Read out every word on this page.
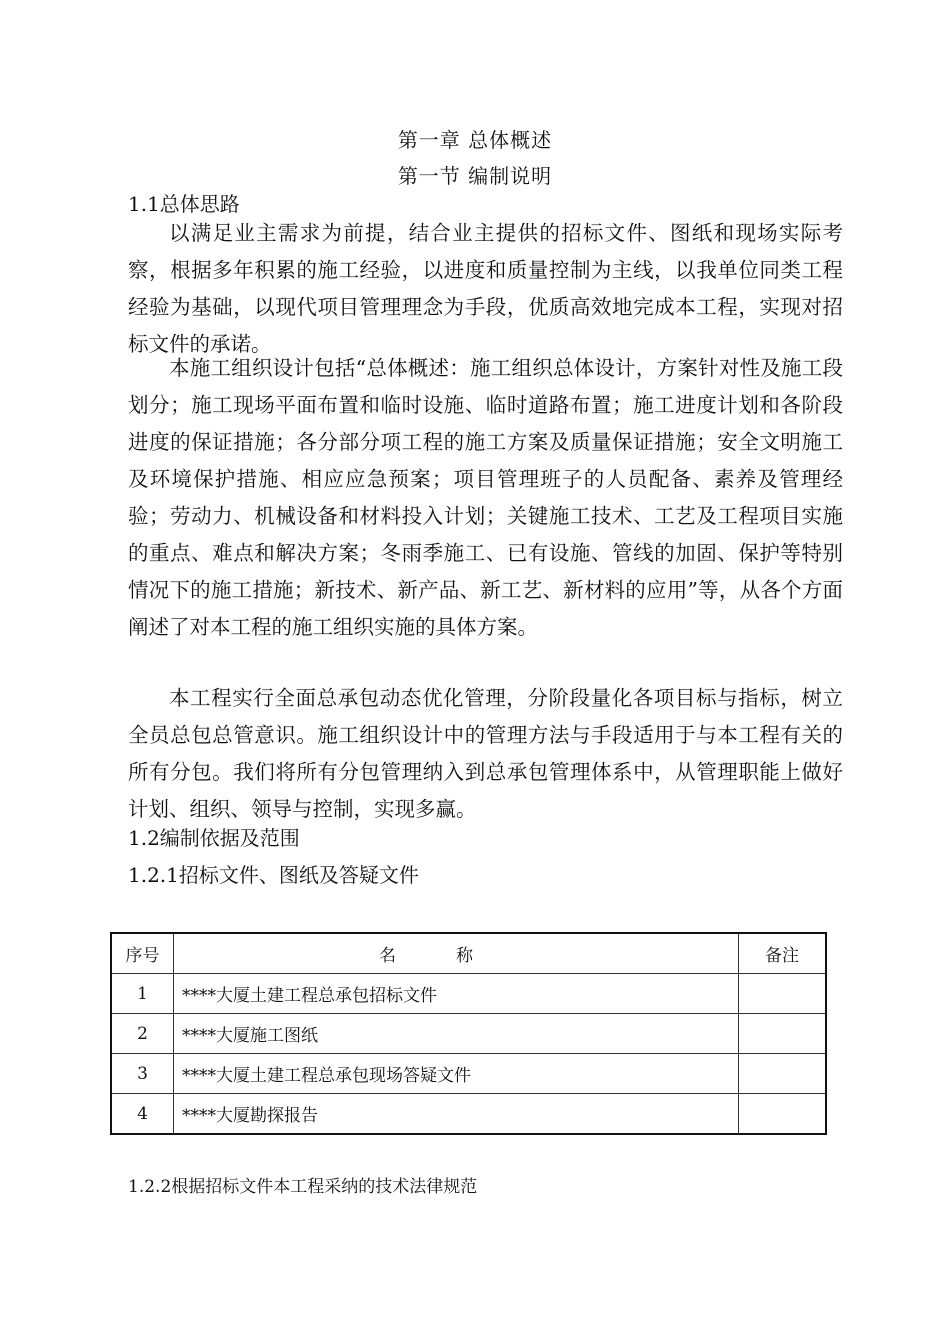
第一章 总体概述
第一节 编制说明
1.1总体思路

以满足业主需求为前提，结合业主提供的招标文件、图纸和现场实际考察，根据多年积累的施工经验，以进度和质量控制为主线，以我单位同类工程经验为基础，以现代项目管理理念为手段，优质高效地完成本工程，实现对招标文件的承诺。

本施工组织设计包括“总体概述：施工组织总体设计，方案针对性及施工段划分；施工现场平面布置和临时设施、临时道路布置；施工进度计划和各阶段进度的保证措施；各分部分项工程的施工方案及质量保证措施；安全文明施工及环境保护措施、相应应急预案；项目管理班子的人员配备、素养及管理经验；劳动力、机械设备和材料投入计划；关键施工技术、工艺及工程项目实施的重点、难点和解决方案；冬雨季施工、已有设施、管线的加固、保护等特别情况下的施工措施；新技术、新产品、新工艺、新材料的应用”等，从各个方面阐述了对本工程的施工组织实施的具体方案。

本工程实行全面总承包动态优化管理，分阶段量化各项目标与指标，树立全员总包总管意识。施工组织设计中的管理方法与手段适用于与本工程有关的所有分包。我们将所有分包管理纳入到总承包管理体系中，从管理职能上做好计划、组织、领导与控制，实现多赢。

1.2编制依据及范围
1.2.1招标文件、图纸及答疑文件
序号	名称	备注
1	****大厦土建工程总承包招标文件	
2	****大厦施工图纸	
3	****大厦土建工程总承包现场答疑文件	
4	****大厦勘探报告	
1.2.2根据招标文件本工程采纳的技术法律规范
